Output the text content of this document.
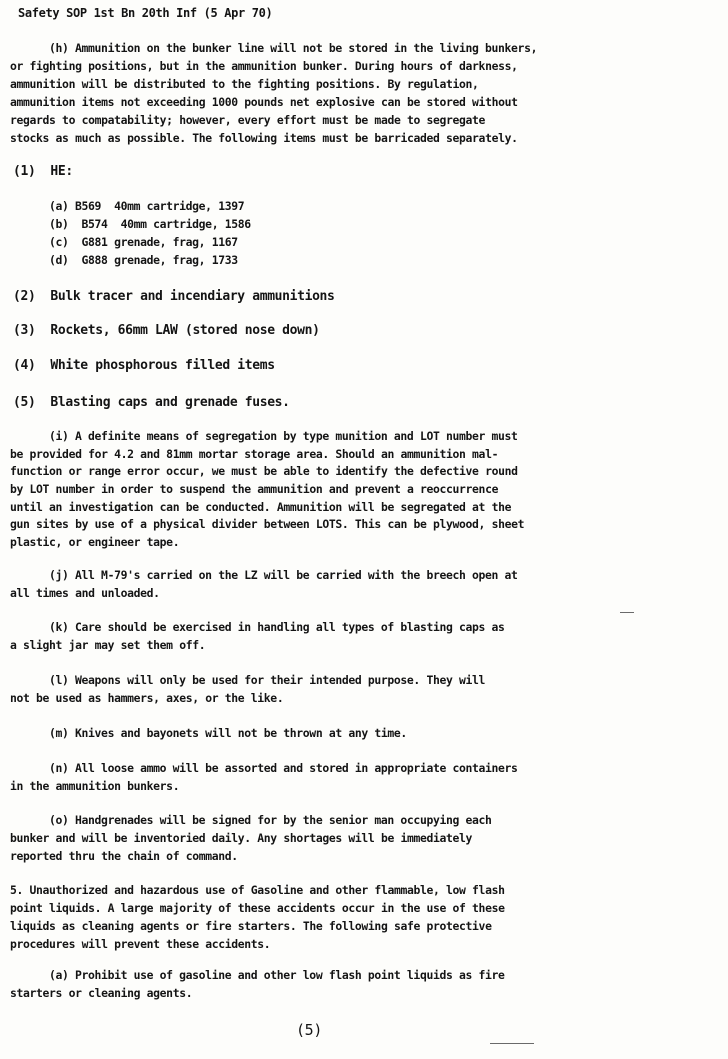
Safety SOP 1st Bn 20th Inf (5 Apr 70)
(h) Ammunition on the bunker line will not be stored in the living bunkers,
or fighting positions, but in the ammunition bunker. During hours of darkness,
ammunition will be distributed to the fighting positions. By regulation,
ammunition items not exceeding 1000 pounds net explosive can be stored without
regards to compatability; however, every effort must be made to segregate
stocks as much as possible. The following items must be barricaded separately.
(1)  HE:
(a) B569  40mm cartridge, 1397
(b)  B574  40mm cartridge, 1586
(c)  G881 grenade, frag, 1167
(d)  G888 grenade, frag, 1733
(2)  Bulk tracer and incendiary ammunitions
(3)  Rockets, 66mm LAW (stored nose down)
(4)  White phosphorous filled items
(5)  Blasting caps and grenade fuses.
(i) A definite means of segregation by type munition and LOT number must
be provided for 4.2 and 81mm mortar storage area. Should an ammunition mal-
function or range error occur, we must be able to identify the defective round
by LOT number in order to suspend the ammunition and prevent a reoccurrence
until an investigation can be conducted. Ammunition will be segregated at the
gun sites by use of a physical divider between LOTS. This can be plywood, sheet
plastic, or engineer tape.
(j) All M-79's carried on the LZ will be carried with the breech open at
all times and unloaded.
(k) Care should be exercised in handling all types of blasting caps as
a slight jar may set them off.
(l) Weapons will only be used for their intended purpose. They will
not be used as hammers, axes, or the like.
(m) Knives and bayonets will not be thrown at any time.
(n) All loose ammo will be assorted and stored in appropriate containers
in the ammunition bunkers.
(o) Handgrenades will be signed for by the senior man occupying each
bunker and will be inventoried daily. Any shortages will be immediately
reported thru the chain of command.
5. Unauthorized and hazardous use of Gasoline and other flammable, low flash
point liquids. A large majority of these accidents occur in the use of these
liquids as cleaning agents or fire starters. The following safe protective
procedures will prevent these accidents.
(a) Prohibit use of gasoline and other low flash point liquids as fire
starters or cleaning agents.
(5)
